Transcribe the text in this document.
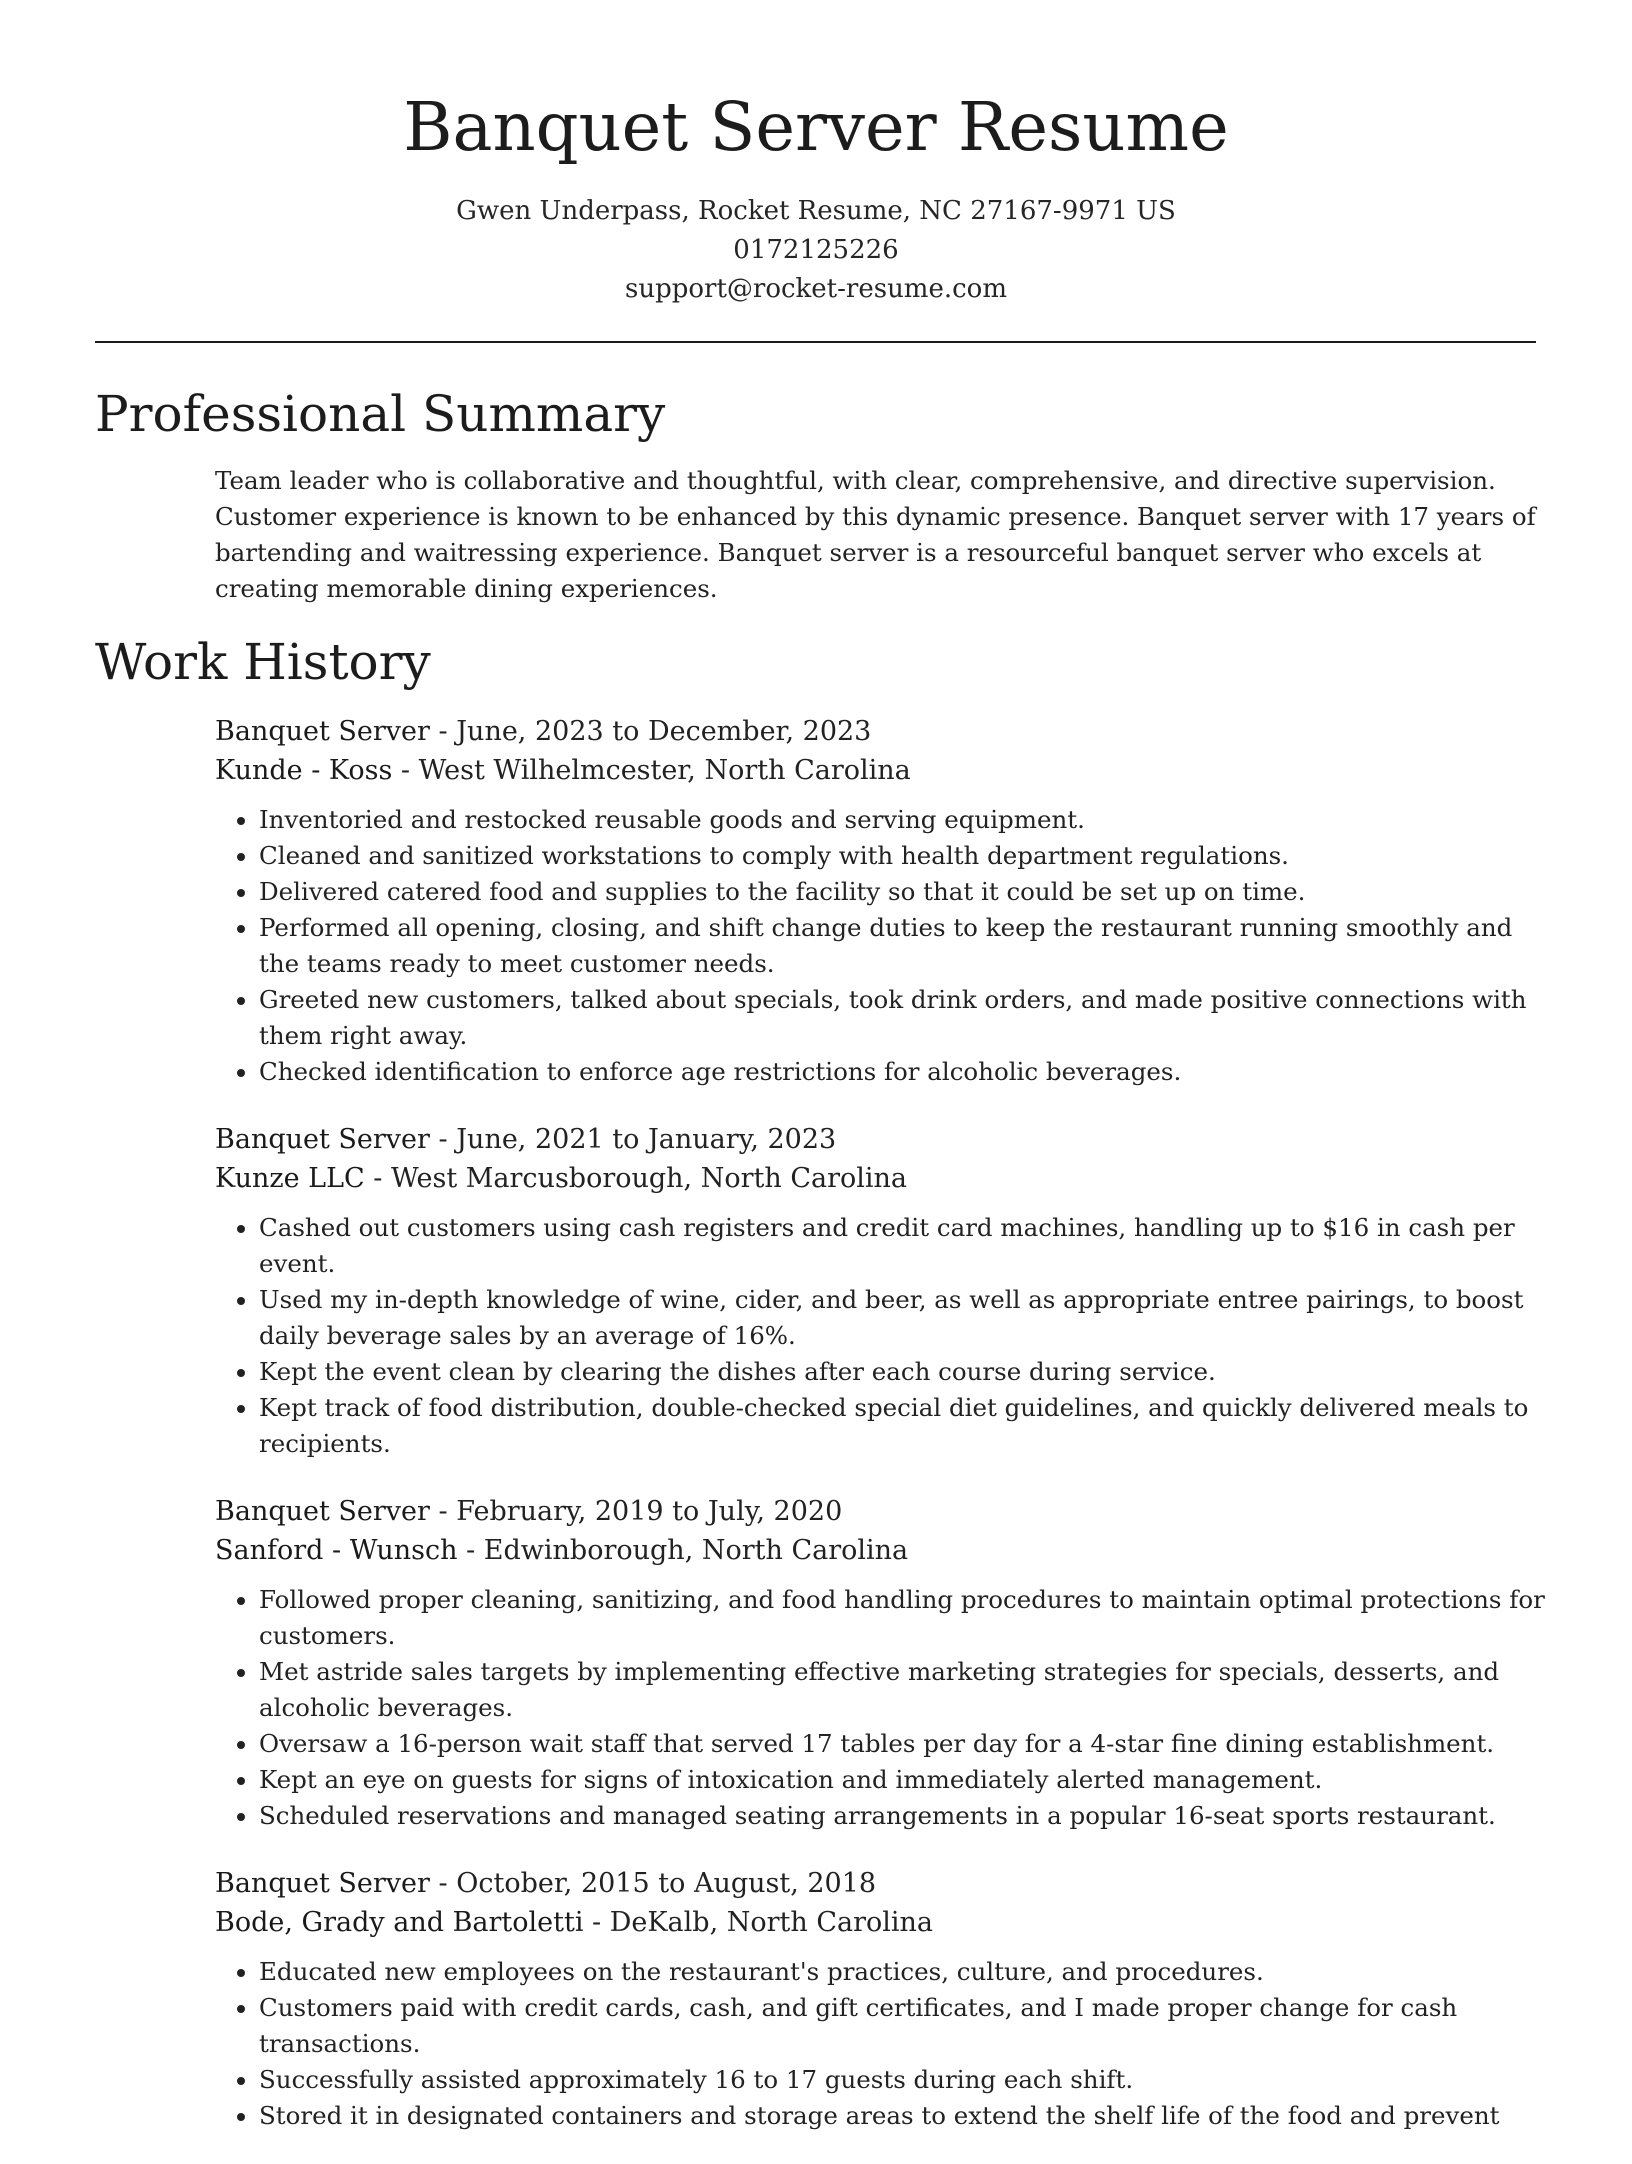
Banquet Server Resume
Gwen Underpass, Rocket Resume, NC 27167-9971 US
0172125226
support@rocket-resume.com
Professional Summary
Team leader who is collaborative and thoughtful, with clear, comprehensive, and directive supervision. Customer experience is known to be enhanced by this dynamic presence. Banquet server with 17 years of bartending and waitressing experience. Banquet server is a resourceful banquet server who excels at creating memorable dining experiences.
Work History
Banquet Server - June, 2023 to December, 2023
Kunde - Koss - West Wilhelmcester, North Carolina
• Inventoried and restocked reusable goods and serving equipment.
• Cleaned and sanitized workstations to comply with health department regulations.
• Delivered catered food and supplies to the facility so that it could be set up on time.
• Performed all opening, closing, and shift change duties to keep the restaurant running smoothly and the teams ready to meet customer needs.
• Greeted new customers, talked about specials, took drink orders, and made positive connections with them right away.
• Checked identification to enforce age restrictions for alcoholic beverages.
Banquet Server - June, 2021 to January, 2023
Kunze LLC - West Marcusborough, North Carolina
• Cashed out customers using cash registers and credit card machines, handling up to $16 in cash per event.
• Used my in-depth knowledge of wine, cider, and beer, as well as appropriate entree pairings, to boost daily beverage sales by an average of 16%.
• Kept the event clean by clearing the dishes after each course during service.
• Kept track of food distribution, double-checked special diet guidelines, and quickly delivered meals to recipients.
Banquet Server - February, 2019 to July, 2020
Sanford - Wunsch - Edwinborough, North Carolina
• Followed proper cleaning, sanitizing, and food handling procedures to maintain optimal protections for customers.
• Met astride sales targets by implementing effective marketing strategies for specials, desserts, and alcoholic beverages.
• Oversaw a 16-person wait staff that served 17 tables per day for a 4-star fine dining establishment.
• Kept an eye on guests for signs of intoxication and immediately alerted management.
• Scheduled reservations and managed seating arrangements in a popular 16-seat sports restaurant.
Banquet Server - October, 2015 to August, 2018
Bode, Grady and Bartoletti - DeKalb, North Carolina
• Educated new employees on the restaurant's practices, culture, and procedures.
• Customers paid with credit cards, cash, and gift certificates, and I made proper change for cash transactions.
• Successfully assisted approximately 16 to 17 guests during each shift.
• Stored it in designated containers and storage areas to extend the shelf life of the food and prevent
